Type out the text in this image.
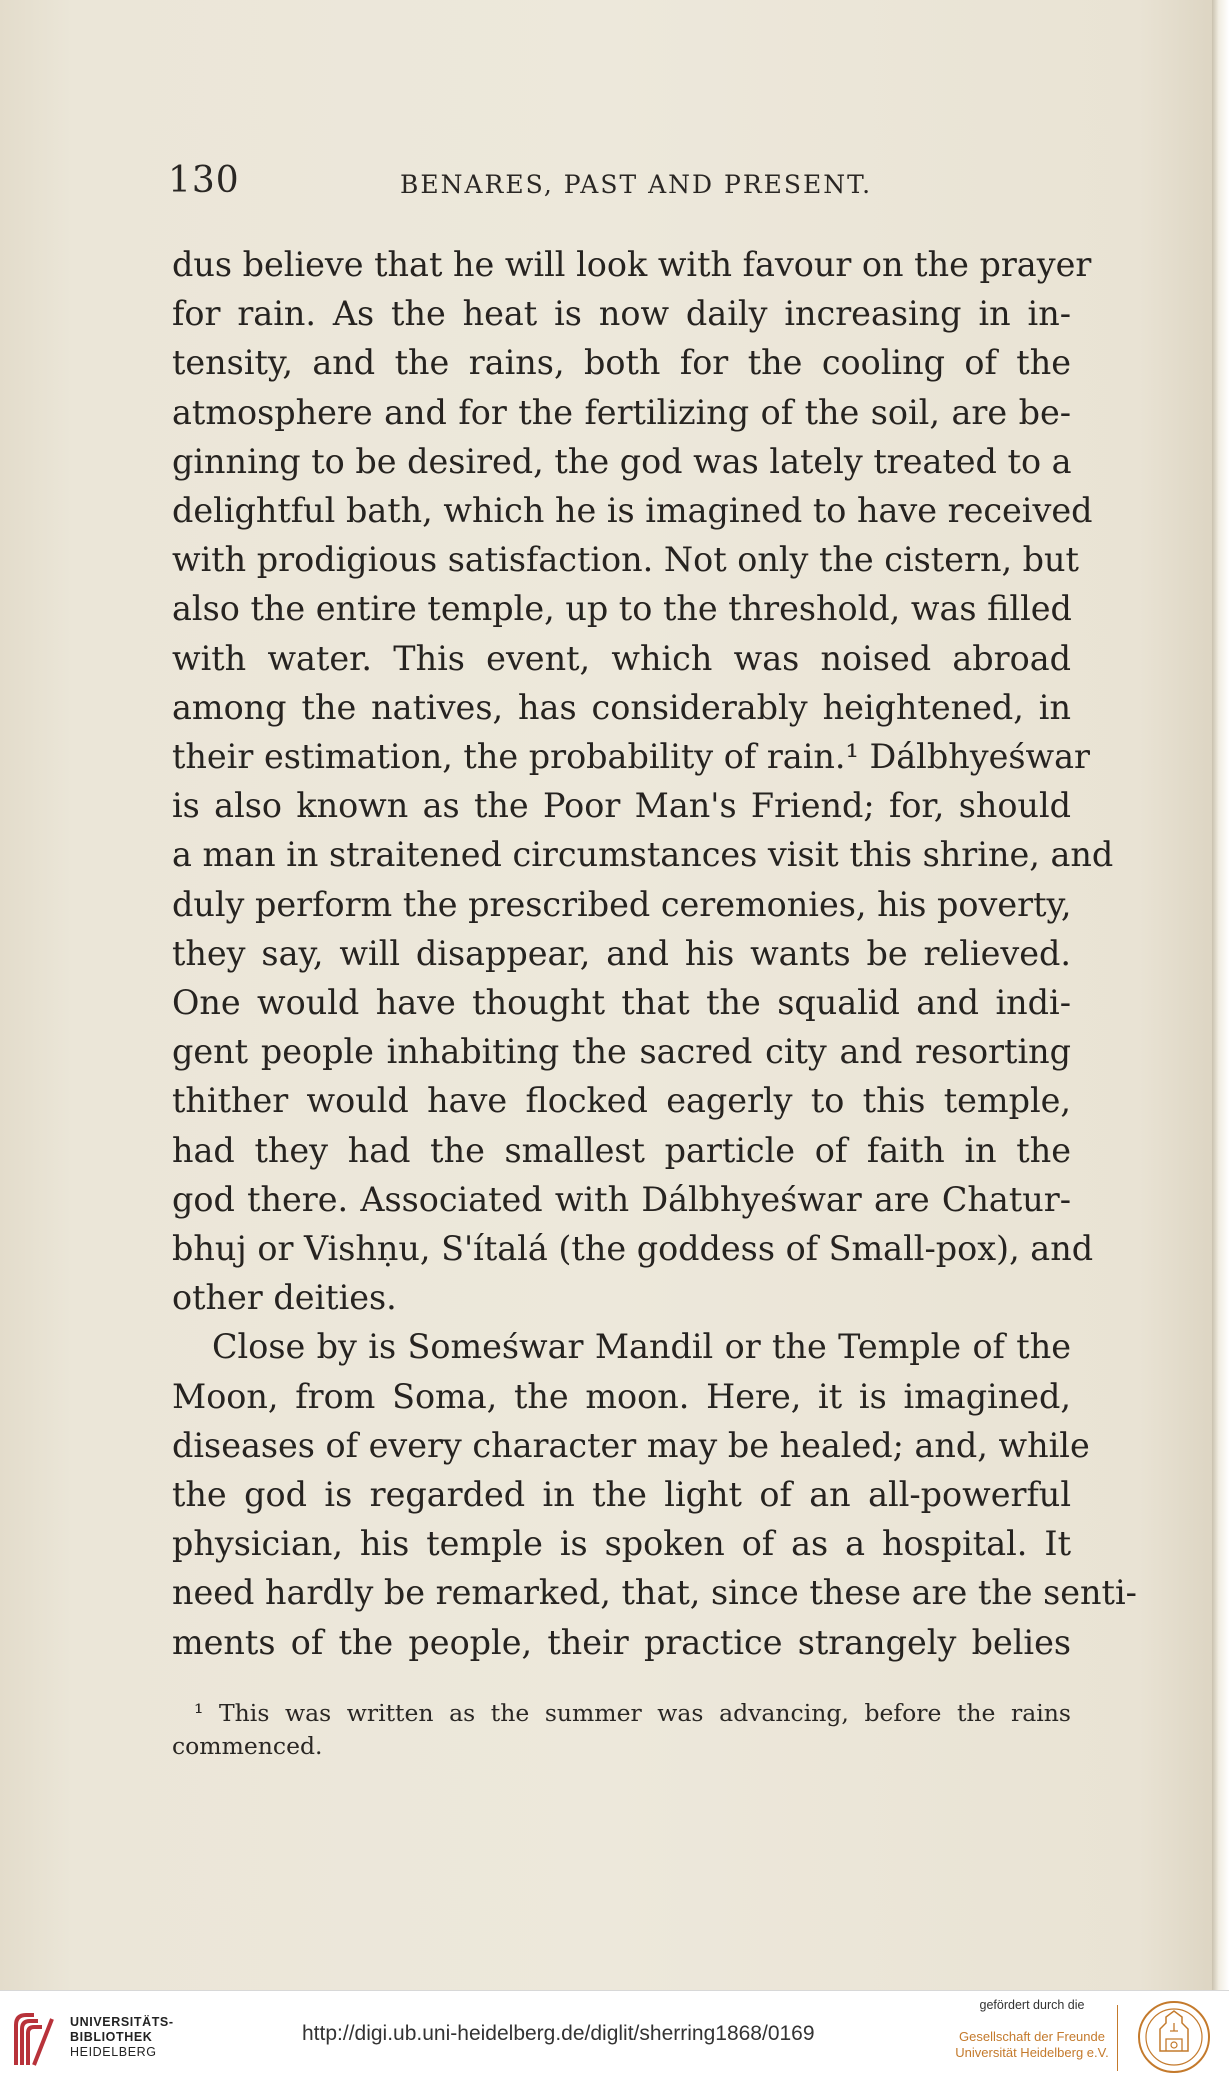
130	BENARES, PAST AND PRESENT.
dus believe that he will look with favour on the prayer
for rain. As the heat is now daily increasing in in-
tensity, and the rains, both for the cooling of the
atmosphere and for the fertilizing of the soil, are be-
ginning to be desired, the god was lately treated to a
delightful bath, which he is imagined to have received
with prodigious satisfaction. Not only the cistern, but
also the entire temple, up to the threshold, was filled
with water. This event, which was noised abroad
among the natives, has considerably heightened, in
their estimation, the probability of rain.¹ Dálbhyeśwar
is also known as the Poor Man's Friend; for, should
a man in straitened circumstances visit this shrine, and
duly perform the prescribed ceremonies, his poverty,
they say, will disappear, and his wants be relieved.
One would have thought that the squalid and indi-
gent people inhabiting the sacred city and resorting
thither would have flocked eagerly to this temple,
had they had the smallest particle of faith in the
god there. Associated with Dálbhyeśwar are Chatur-
bhuj or Vishṇu, S'ítalá (the goddess of Small-pox), and
other deities.
Close by is Someśwar Mandil or the Temple of the
Moon, from Soma, the moon. Here, it is imagined,
diseases of every character may be healed; and, while
the god is regarded in the light of an all-powerful
physician, his temple is spoken of as a hospital. It
need hardly be remarked, that, since these are the senti-
ments of the people, their practice strangely belies
¹ This was written as the summer was advancing, before the rains
commenced.
UNIVERSITÄTS-
BIBLIOTHEK
HEIDELBERG
http://digi.ub.uni-heidelberg.de/diglit/sherring1868/0169
gefördert durch die
Gesellschaft der Freunde
Universität Heidelberg e.V.
